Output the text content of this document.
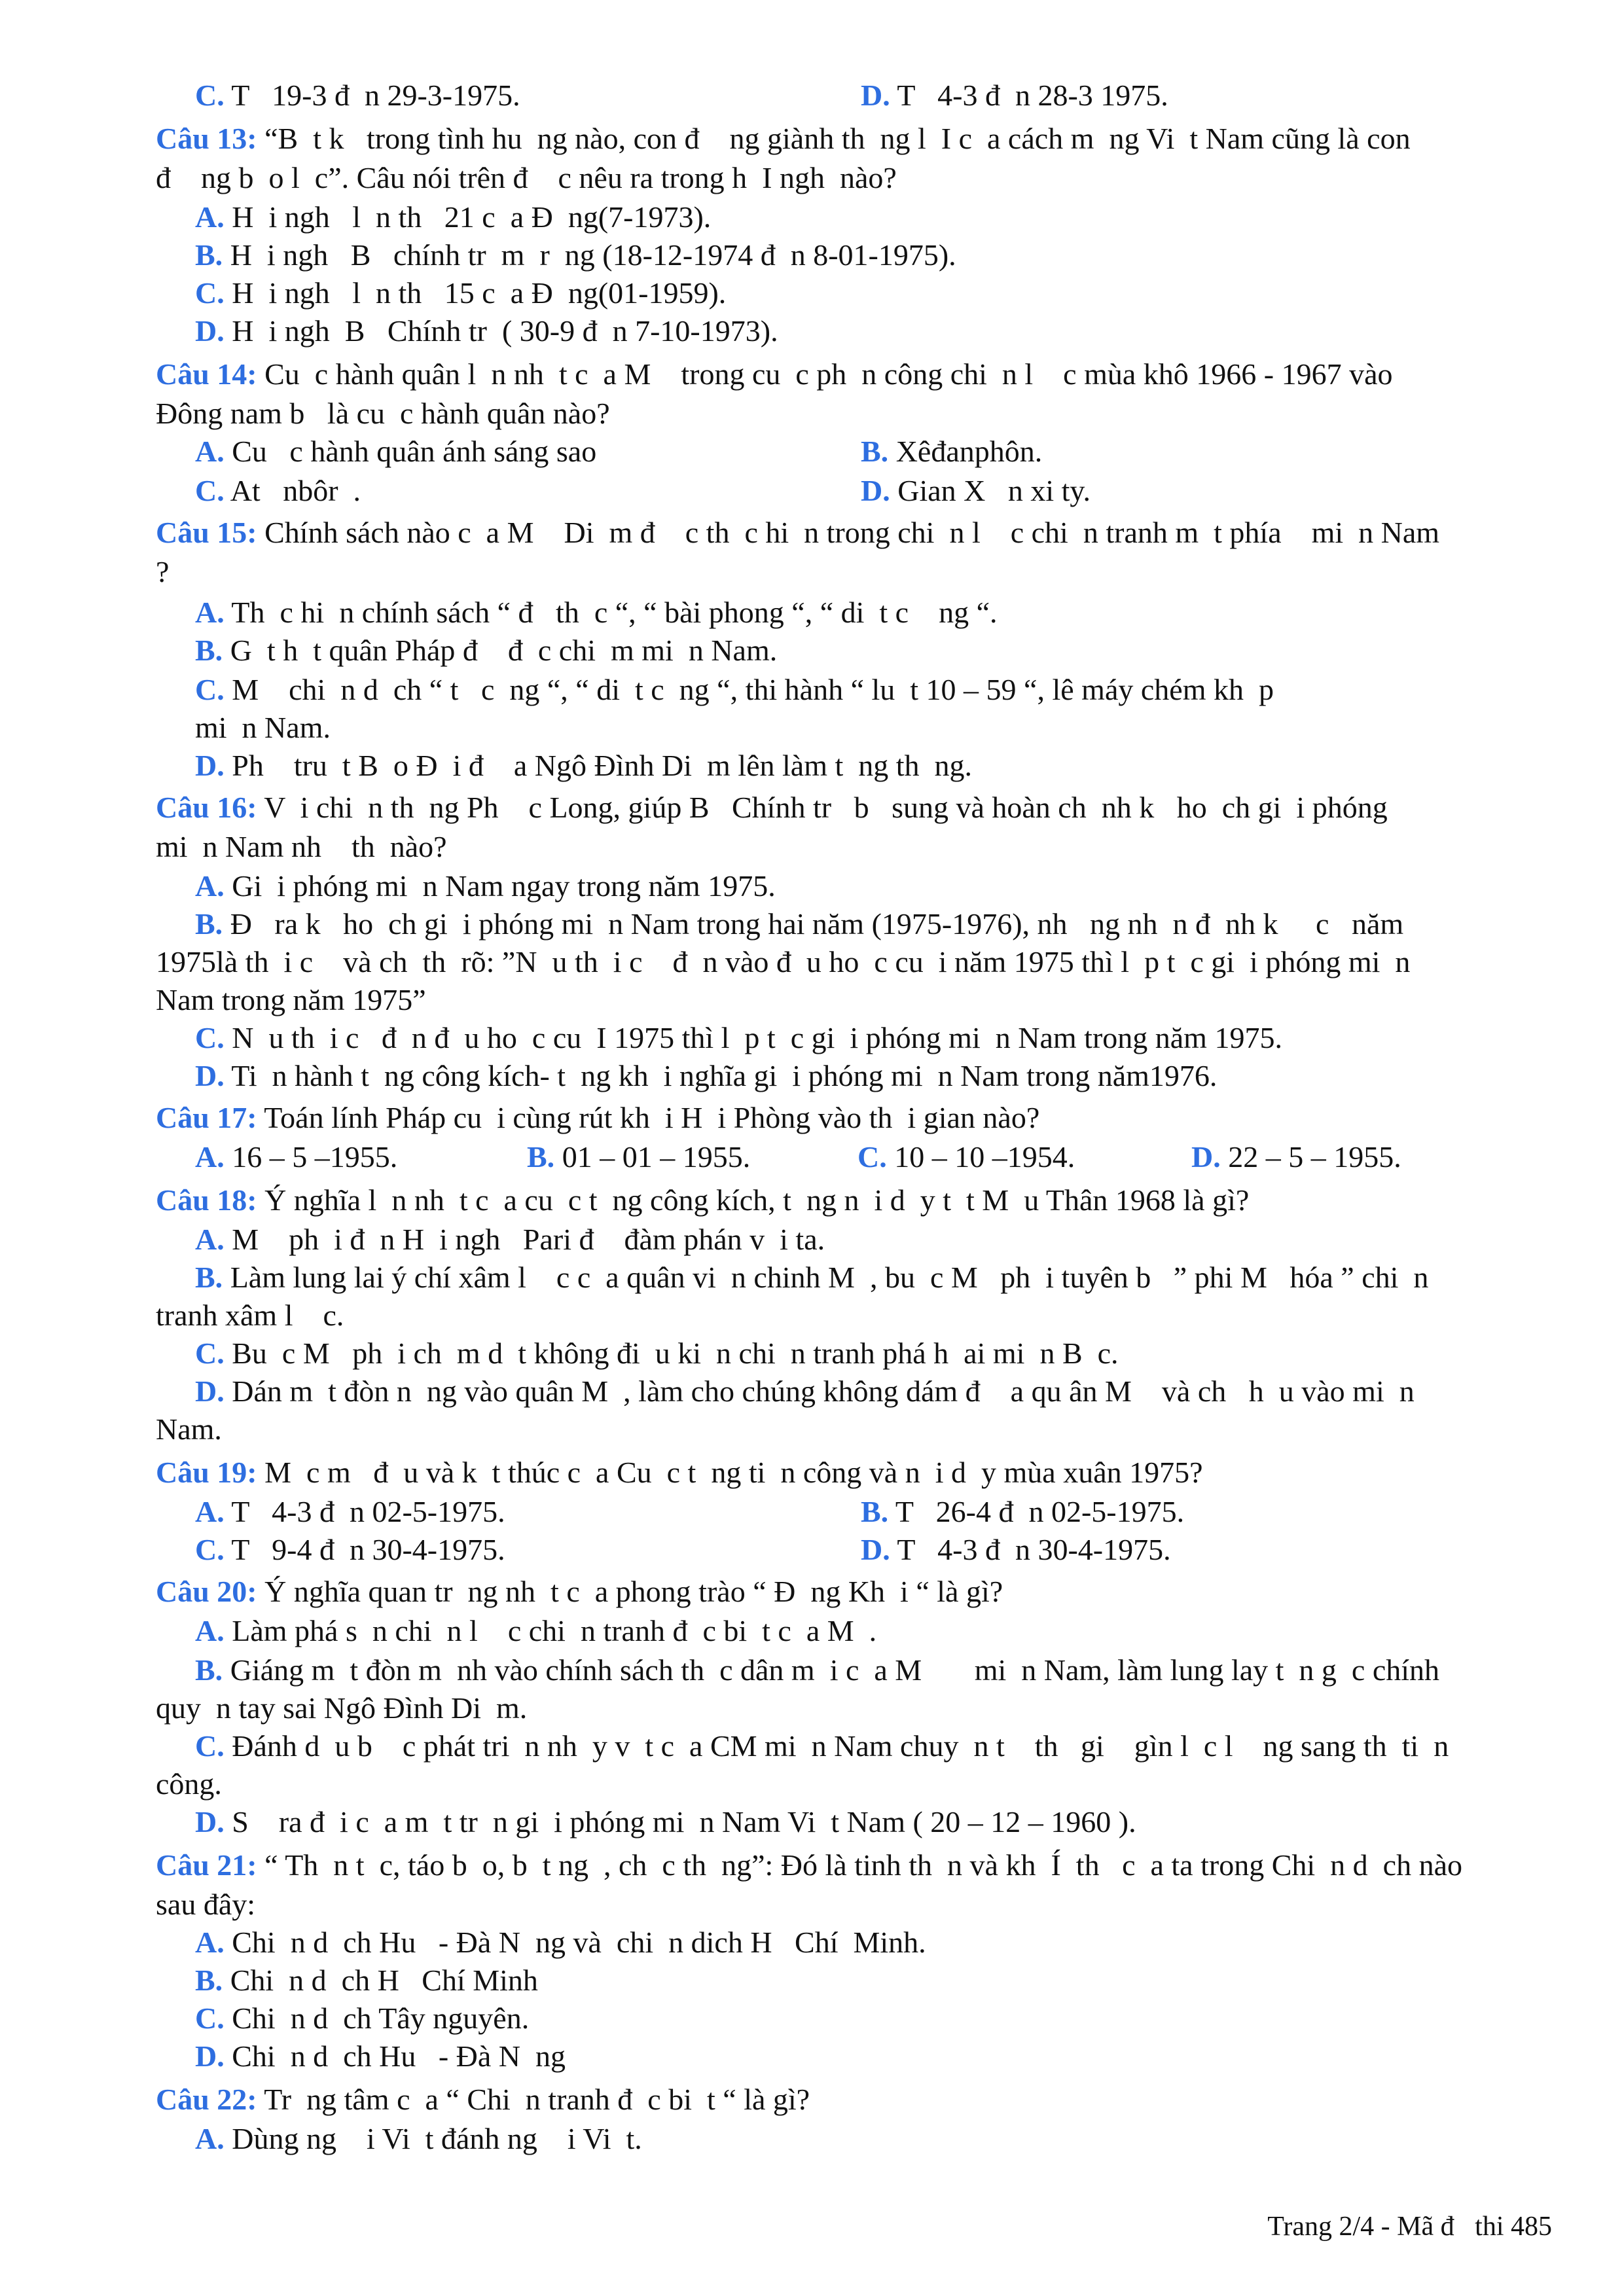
C. T   19-3 đ  n 29-3-1975.	D. T   4-3 đ  n 28-3 1975.
Câu 13: “B  t k   trong tình hu  ng nào, con đ    ng giành th  ng l  I c  a cách m  ng Vi  t Nam cũng là con
đ    ng b  o l  c”. Câu nói trên đ    c nêu ra trong h  I ngh  nào?
A. H  i ngh   l  n th   21 c  a Đ  ng(7-1973).
B. H  i ngh   B   chính tr  m  r  ng (18-12-1974 đ  n 8-01-1975).
C. H  i ngh   l  n th   15 c  a Đ  ng(01-1959).
D. H  i ngh  B   Chính tr  ( 30-9 đ  n 7-10-1973).
Câu 14: Cu  c hành quân l  n nh  t c  a M    trong cu  c ph  n công chi  n l    c mùa khô 1966 - 1967 vào
Đông nam b   là cu  c hành quân nào?
A. Cu   c hành quân ánh sáng sao	B. Xêđanphôn.
C. At   nbôr  .	D. Gian X   n xi ty.
Câu 15: Chính sách nào c  a M    Di  m đ    c th  c hi  n trong chi  n l    c chi  n tranh m  t phía    mi  n Nam
?
A. Th  c hi  n chính sách “ đ   th  c “, “ bài phong “, “ di  t c    ng “.
B. G  t h  t quân Pháp đ    đ  c chi  m mi  n Nam.
C. M    chi  n d  ch “ t   c  ng “, “ di  t c  ng “, thi hành “ lu  t 10 – 59 “, lê máy chém kh  p
mi  n Nam.
D. Ph    tru  t B  o Đ  i đ    a Ngô Đình Di  m lên làm t  ng th  ng.
Câu 16: V  i chi  n th  ng Ph    c Long, giúp B   Chính tr   b   sung và hoàn ch  nh k   ho  ch gi  i phóng
mi  n Nam nh    th  nào?
A. Gi  i phóng mi  n Nam ngay trong năm 1975.
B. Đ   ra k   ho  ch gi  i phóng mi  n Nam trong hai năm (1975-1976), nh   ng nh  n đ  nh k     c   năm
1975là th  i c    và ch  th  rõ: ”N  u th  i c    đ  n vào đ  u ho  c cu  i năm 1975 thì l  p t  c gi  i phóng mi  n
Nam trong năm 1975”
C. N  u th  i c   đ  n đ  u ho  c cu  I 1975 thì l  p t  c gi  i phóng mi  n Nam trong năm 1975.
D. Ti  n hành t  ng công kích- t  ng kh  i nghĩa gi  i phóng mi  n Nam trong năm1976.
Câu 17: Toán lính Pháp cu  i cùng rút kh  i H  i Phòng vào th  i gian nào?
A. 16 – 5 –1955.	B. 01 – 01 – 1955.	C. 10 – 10 –1954.	D. 22 – 5 – 1955.
Câu 18: Ý nghĩa l  n nh  t c  a cu  c t  ng công kích, t  ng n  i d  y t  t M  u Thân 1968 là gì?
A. M    ph  i đ  n H  i ngh   Pari đ    đàm phán v  i ta.
B. Làm lung lai ý chí xâm l    c c  a quân vi  n chinh M  , bu  c M   ph  i tuyên b   ” phi M   hóa ” chi  n
tranh xâm l    c.
C. Bu  c M   ph  i ch  m d  t không đi  u ki  n chi  n tranh phá h  ai mi  n B  c.
D. Dán m  t đòn n  ng vào quân M  , làm cho chúng không dám đ    a qu ân M    và ch   h  u vào mi  n
Nam.
Câu 19: M  c m   đ  u và k  t thúc c  a Cu  c t  ng ti  n công và n  i d  y mùa xuân 1975?
A. T   4-3 đ  n 02-5-1975.	B. T   26-4 đ  n 02-5-1975.
C. T   9-4 đ  n 30-4-1975.	D. T   4-3 đ  n 30-4-1975.
Câu 20: Ý nghĩa quan tr  ng nh  t c  a phong trào “ Đ  ng Kh  i “ là gì?
A. Làm phá s  n chi  n l    c chi  n tranh đ  c bi  t c  a M  .
B. Giáng m  t đòn m  nh vào chính sách th  c dân m  i c  a M       mi  n Nam, làm lung lay t  n g  c chính
quy  n tay sai Ngô Đình Di  m.
C. Đánh d  u b    c phát tri  n nh  y v  t c  a CM mi  n Nam chuy  n t    th   gi    gìn l  c l    ng sang th  ti  n
công.
D. S    ra đ  i c  a m  t tr  n gi  i phóng mi  n Nam Vi  t Nam ( 20 – 12 – 1960 ).
Câu 21: “ Th  n t  c, táo b  o, b  t ng  , ch  c th  ng”: Đó là tinh th  n và kh  Í  th   c  a ta trong Chi  n d  ch nào
sau đây:
A. Chi  n d  ch Hu   - Đà N  ng và  chi  n dich H   Chí  Minh.
B. Chi  n d  ch H   Chí Minh
C. Chi  n d  ch Tây nguyên.
D. Chi  n d  ch Hu   - Đà N  ng
Câu 22: Tr  ng tâm c  a “ Chi  n tranh đ  c bi  t “ là gì?
A. Dùng ng    i Vi  t đánh ng    i Vi  t.
Trang 2/4 - Mã đ   thi 485
